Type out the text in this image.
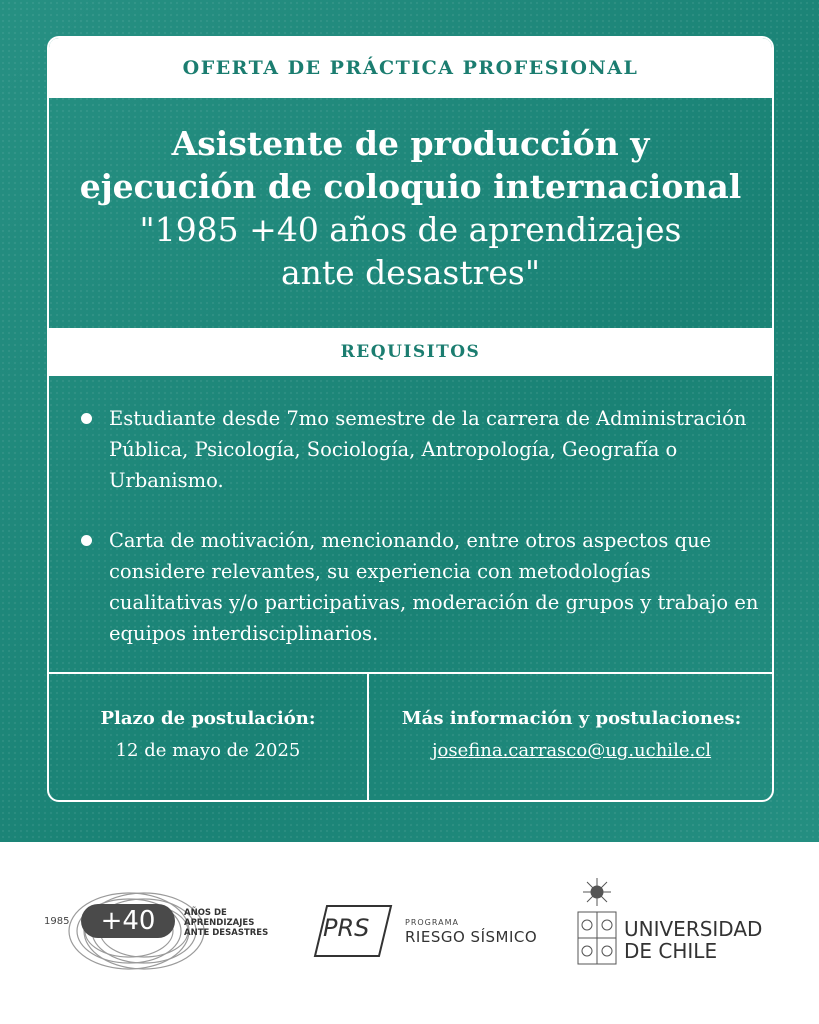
OFERTA DE PRÁCTICA PROFESIONAL
Asistente de producción y
ejecución de coloquio internacional
"1985 +40 años de aprendizajes
ante desastres"
REQUISITOS
Estudiante desde 7mo semestre de la carrera de Administración Pública, Psicología, Sociología, Antropología, Geografía o Urbanismo.
Carta de motivación, mencionando, entre otros aspectos que considere relevantes, su experiencia con metodologías cualitativas y/o participativas, moderación de grupos y trabajo en equipos interdisciplinarios.
Plazo de postulación:
12 de mayo de 2025
Más información y postulaciones:
josefina.carrasco@ug.uchile.cl
1985	+40	AÑOS DE
APRENDIZAJES
ANTE DESASTRES PRS	PROGRAMA
RIESGO SÍSMICO	UNIVERSIDAD
DE CHILE
